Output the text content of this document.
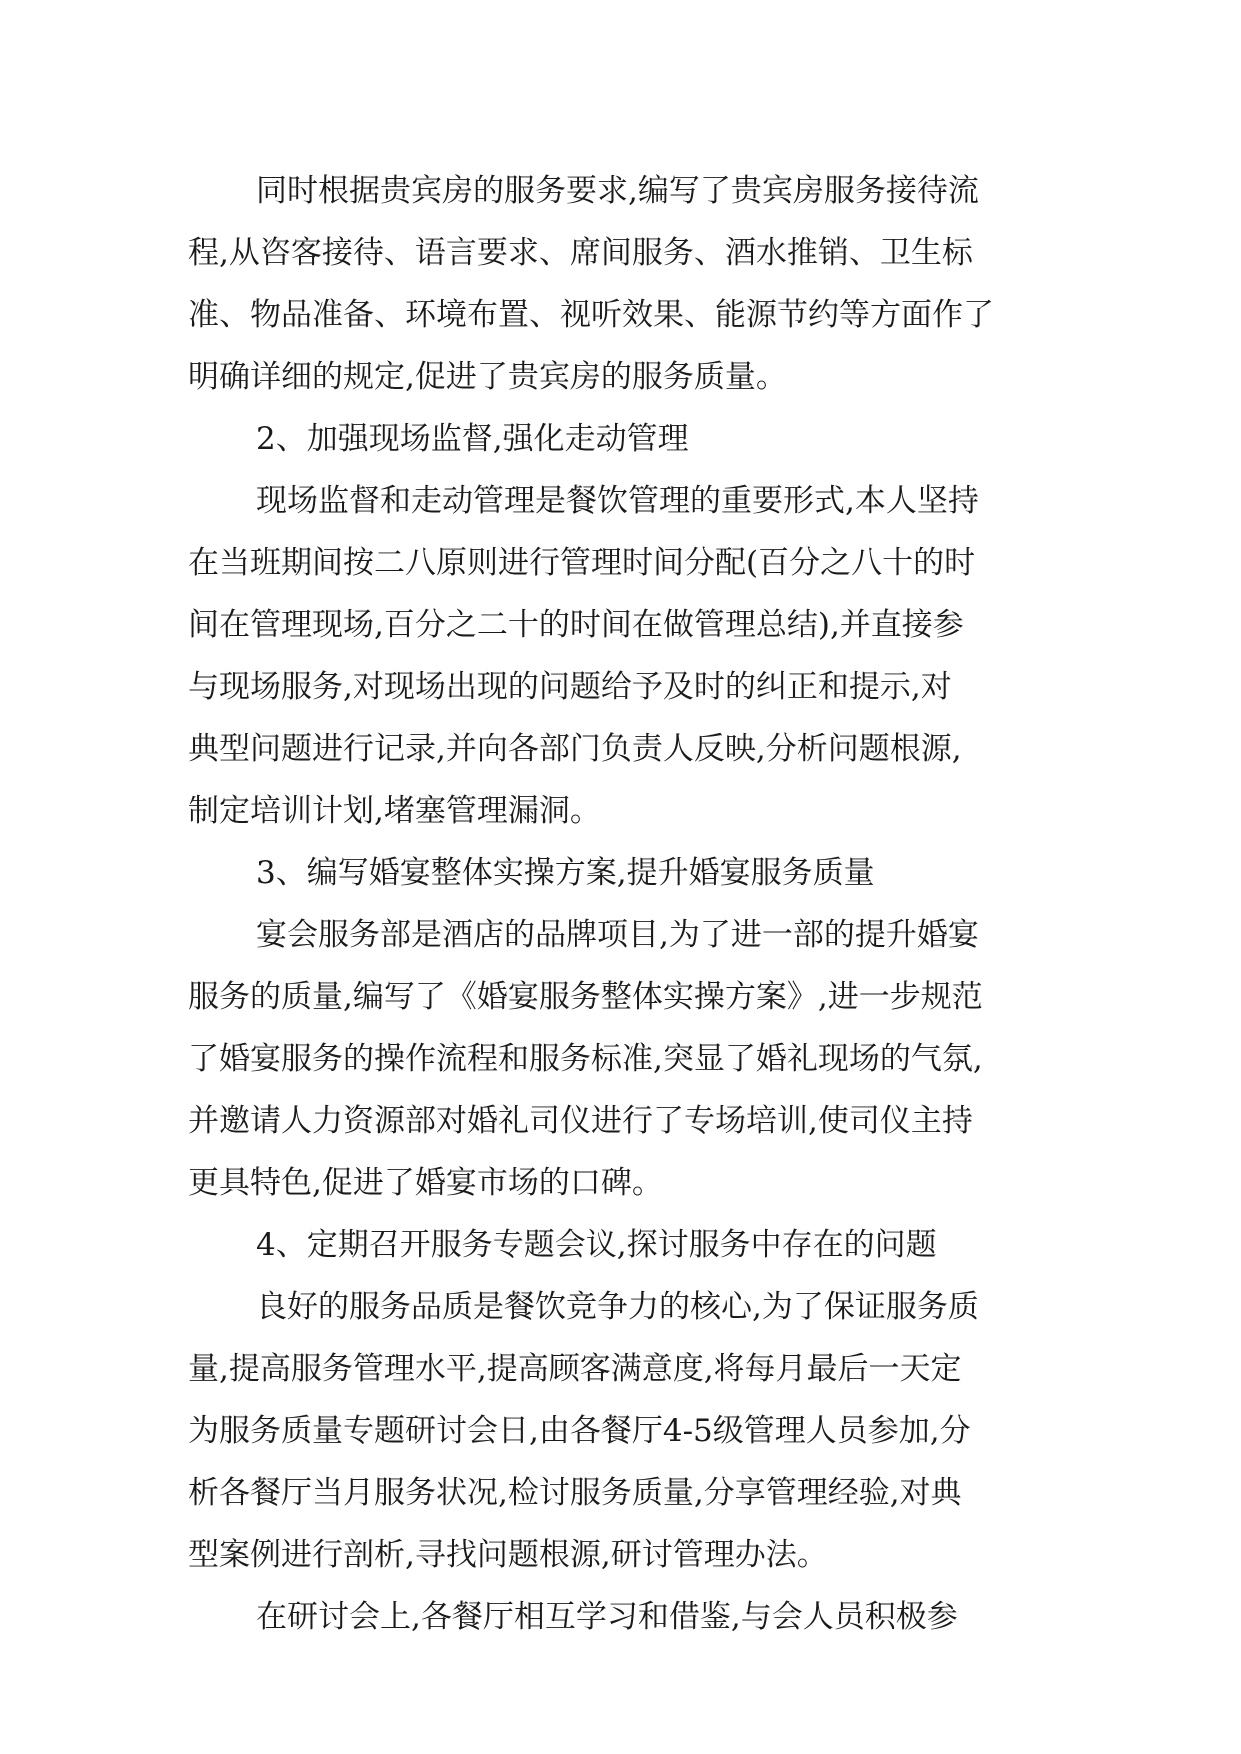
同时根据贵宾房的服务要求,编写了贵宾房服务接待流
程,从咨客接待、语言要求、席间服务、酒水推销、卫生标
准、物品准备、环境布置、视听效果、能源节约等方面作了
明确详细的规定,促进了贵宾房的服务质量。
2、加强现场监督,强化走动管理
现场监督和走动管理是餐饮管理的重要形式,本人坚持
在当班期间按二八原则进行管理时间分配(百分之八十的时
间在管理现场,百分之二十的时间在做管理总结),并直接参
与现场服务,对现场出现的问题给予及时的纠正和提示,对
典型问题进行记录,并向各部门负责人反映,分析问题根源,
制定培训计划,堵塞管理漏洞。
3、编写婚宴整体实操方案,提升婚宴服务质量
宴会服务部是酒店的品牌项目,为了进一部的提升婚宴
服务的质量,编写了《婚宴服务整体实操方案》,进一步规范
了婚宴服务的操作流程和服务标准,突显了婚礼现场的气氛,
并邀请人力资源部对婚礼司仪进行了专场培训,使司仪主持
更具特色,促进了婚宴市场的口碑。
4、定期召开服务专题会议,探讨服务中存在的问题
良好的服务品质是餐饮竞争力的核心,为了保证服务质
量,提高服务管理水平,提高顾客满意度,将每月最后一天定
为服务质量专题研讨会日,由各餐厅4-5级管理人员参加,分
析各餐厅当月服务状况,检讨服务质量,分享管理经验,对典
型案例进行剖析,寻找问题根源,研讨管理办法。
在研讨会上,各餐厅相互学习和借鉴,与会人员积极参
